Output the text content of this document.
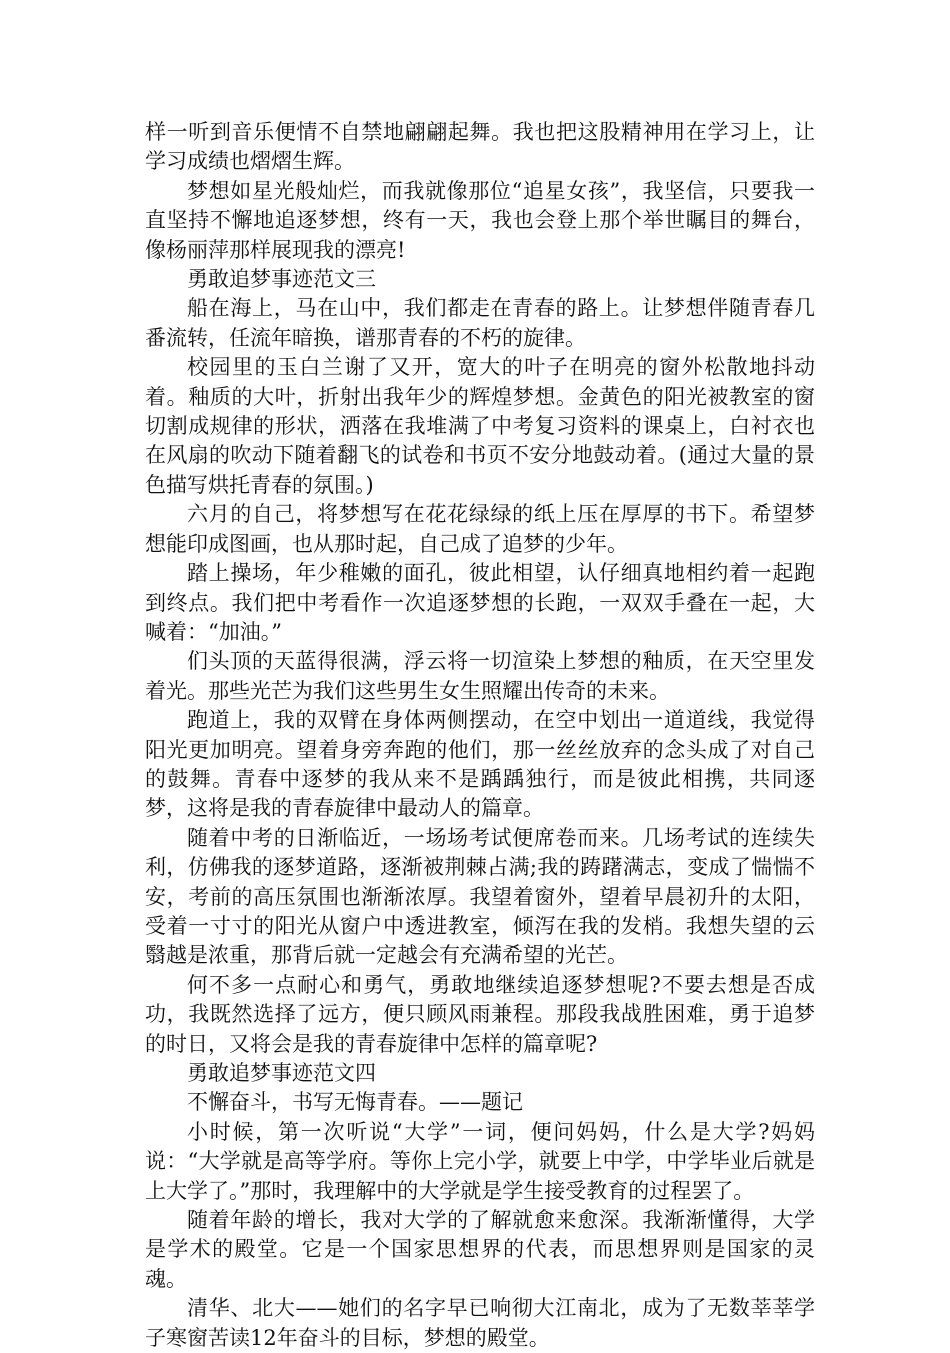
样一听到音乐便情不自禁地翩翩起舞。我也把这股精神用在学习上，让学习成绩也熠熠生辉。

梦想如星光般灿烂，而我就像那位“追星女孩”，我坚信，只要我一直坚持不懈地追逐梦想，终有一天，我也会登上那个举世瞩目的舞台，像杨丽萍那样展现我的漂亮!

勇敢追梦事迹范文三

船在海上，马在山中，我们都走在青春的路上。让梦想伴随青春几番流转，任流年暗换，谱那青春的不朽的旋律。

校园里的玉白兰谢了又开，宽大的叶子在明亮的窗外松散地抖动着。釉质的大叶，折射出我年少的辉煌梦想。金黄色的阳光被教室的窗切割成规律的形状，洒落在我堆满了中考复习资料的课桌上，白衬衣也在风扇的吹动下随着翻飞的试卷和书页不安分地鼓动着。(通过大量的景色描写烘托青春的氛围。)

六月的自己，将梦想写在花花绿绿的纸上压在厚厚的书下。希望梦想能印成图画，也从那时起，自己成了追梦的少年。

踏上操场，年少稚嫩的面孔，彼此相望，认仔细真地相约着一起跑到终点。我们把中考看作一次追逐梦想的长跑，一双双手叠在一起，大喊着：“加油。”

们头顶的天蓝得很满，浮云将一切渲染上梦想的釉质，在天空里发着光。那些光芒为我们这些男生女生照耀出传奇的未来。

跑道上，我的双臂在身体两侧摆动，在空中划出一道道线，我觉得阳光更加明亮。望着身旁奔跑的他们，那一丝丝放弃的念头成了对自己的鼓舞。青春中逐梦的我从来不是踽踽独行，而是彼此相携，共同逐梦，这将是我的青春旋律中最动人的篇章。

随着中考的日渐临近，一场场考试便席卷而来。几场考试的连续失利，仿佛我的逐梦道路，逐渐被荆棘占满;我的踌躇满志，变成了惴惴不安，考前的高压氛围也渐渐浓厚。我望着窗外，望着早晨初升的太阳，受着一寸寸的阳光从窗户中透进教室，倾泻在我的发梢。我想失望的云翳越是浓重，那背后就一定越会有充满希望的光芒。

何不多一点耐心和勇气，勇敢地继续追逐梦想呢?不要去想是否成功，我既然选择了远方，便只顾风雨兼程。那段我战胜困难，勇于追梦的时日，又将会是我的青春旋律中怎样的篇章呢?

勇敢追梦事迹范文四

不懈奋斗，书写无悔青春。——题记

小时候，第一次听说“大学”一词，便问妈妈，什么是大学?妈妈说：“大学就是高等学府。等你上完小学，就要上中学，中学毕业后就是上大学了。”那时，我理解中的大学就是学生接受教育的过程罢了。

随着年龄的增长，我对大学的了解就愈来愈深。我渐渐懂得，大学是学术的殿堂。它是一个国家思想界的代表，而思想界则是国家的灵魂。

清华、北大——她们的名字早已响彻大江南北，成为了无数莘莘学子寒窗苦读12年奋斗的目标，梦想的殿堂。
